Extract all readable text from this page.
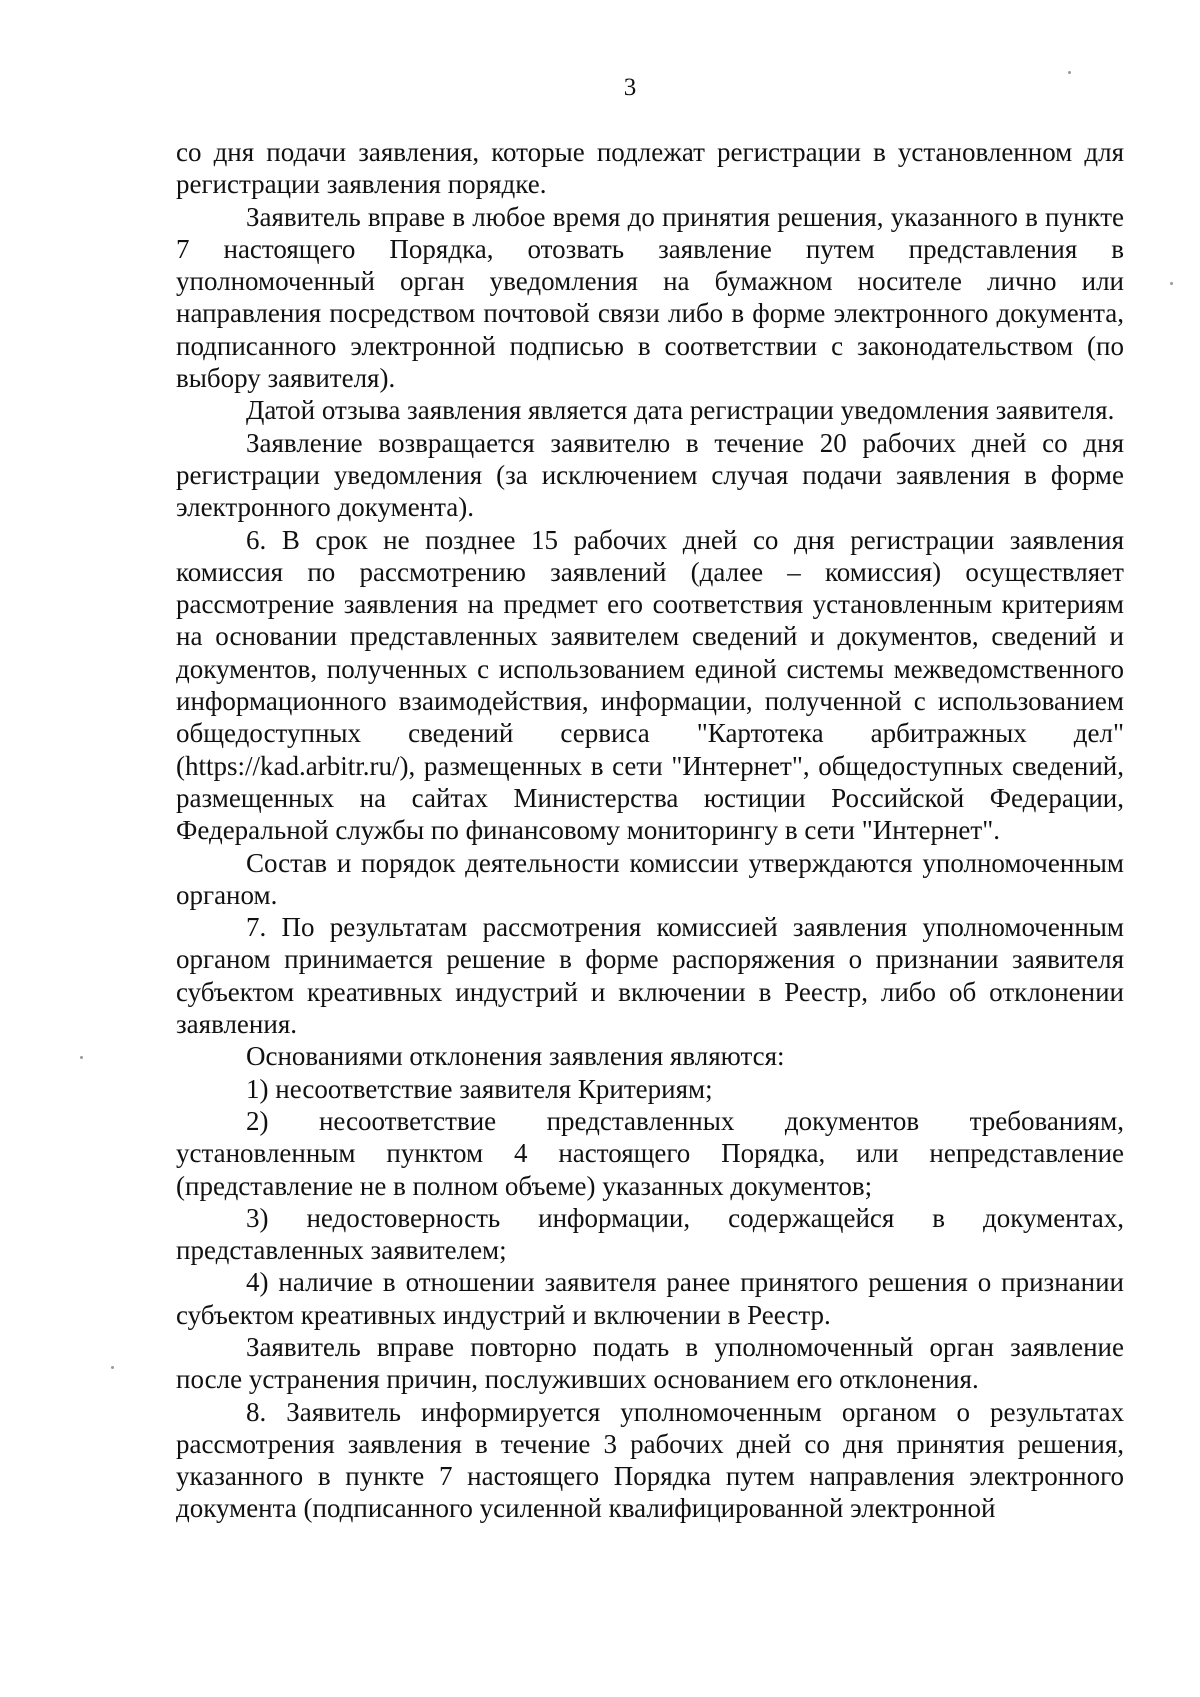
3

со дня подачи заявления, которые подлежат регистрации в установленном для регистрации заявления порядке.

Заявитель вправе в любое время до принятия решения, указанного в пункте 7 настоящего Порядка, отозвать заявление путем представления в уполномоченный орган уведомления на бумажном носителе лично или направления посредством почтовой связи либо в форме электронного документа, подписанного электронной подписью в соответствии с законодательством (по выбору заявителя).

Датой отзыва заявления является дата регистрации уведомления заявителя.

Заявление возвращается заявителю в течение 20 рабочих дней со дня регистрации уведомления (за исключением случая подачи заявления в форме электронного документа).

6. В срок не позднее 15 рабочих дней со дня регистрации заявления комиссия по рассмотрению заявлений (далее – комиссия) осуществляет рассмотрение заявления на предмет его соответствия установленным критериям на основании представленных заявителем сведений и документов, сведений и документов, полученных с использованием единой системы межведомственного информационного взаимодействия, информации, полученной с использованием общедоступных сведений сервиса "Картотека арбитражных дел" (https://kad.arbitr.ru/), размещенных в сети "Интернет", общедоступных сведений, размещенных на сайтах Министерства юстиции Российской Федерации, Федеральной службы по финансовому мониторингу в сети "Интернет".

Состав и порядок деятельности комиссии утверждаются уполномоченным органом.

7. По результатам рассмотрения комиссией заявления уполномоченным органом принимается решение в форме распоряжения о признании заявителя субъектом креативных индустрий и включении в Реестр, либо об отклонении заявления.

Основаниями отклонения заявления являются:

1) несоответствие заявителя Критериям;

2) несоответствие представленных документов требованиям, установленным пунктом 4 настоящего Порядка, или непредставление (представление не в полном объеме) указанных документов;

3) недостоверность информации, содержащейся в документах, представленных заявителем;

4) наличие в отношении заявителя ранее принятого решения о признании субъектом креативных индустрий и включении в Реестр.

Заявитель вправе повторно подать в уполномоченный орган заявление после устранения причин, послуживших основанием его отклонения.

8. Заявитель информируется уполномоченным органом о результатах рассмотрения заявления в течение 3 рабочих дней со дня принятия решения, указанного в пункте 7 настоящего Порядка путем направления электронного документа (подписанного усиленной квалифицированной электронной
